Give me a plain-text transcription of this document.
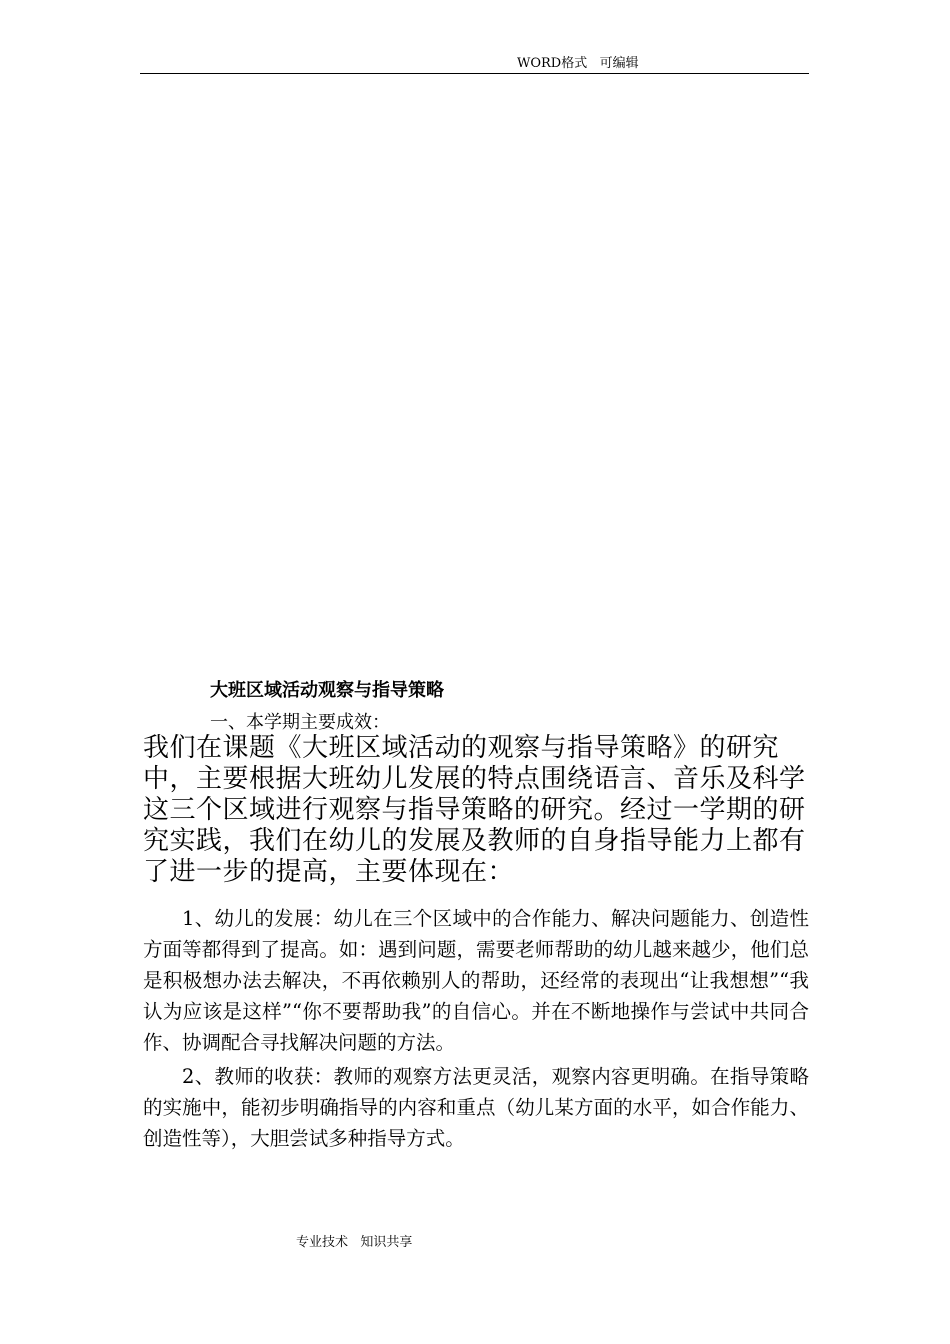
WORD格式   可编辑
大班区域活动观察与指导策略
一、本学期主要成效：

我们在课题《大班区域活动的观察与指导策略》的研究中，主要根据大班幼儿发展的特点围绕语言、音乐及科学这三个区域进行观察与指导策略的研究。经过一学期的研究实践，我们在幼儿的发展及教师的自身指导能力上都有了进一步的提高，主要体现在：

1、幼儿的发展：幼儿在三个区域中的合作能力、解决问题能力、创造性方面等都得到了提高。如：遇到问题，需要老师帮助的幼儿越来越少，他们总是积极想办法去解决，不再依赖别人的帮助，还经常的表现出“让我想想”“我认为应该是这样”“你不要帮助我”的自信心。并在不断地操作与尝试中共同合作、协调配合寻找解决问题的方法。

2、教师的收获：教师的观察方法更灵活，观察内容更明确。在指导策略的实施中，能初步明确指导的内容和重点（幼儿某方面的水平，如合作能力、创造性等），大胆尝试多种指导方式。

专业技术   知识共享
